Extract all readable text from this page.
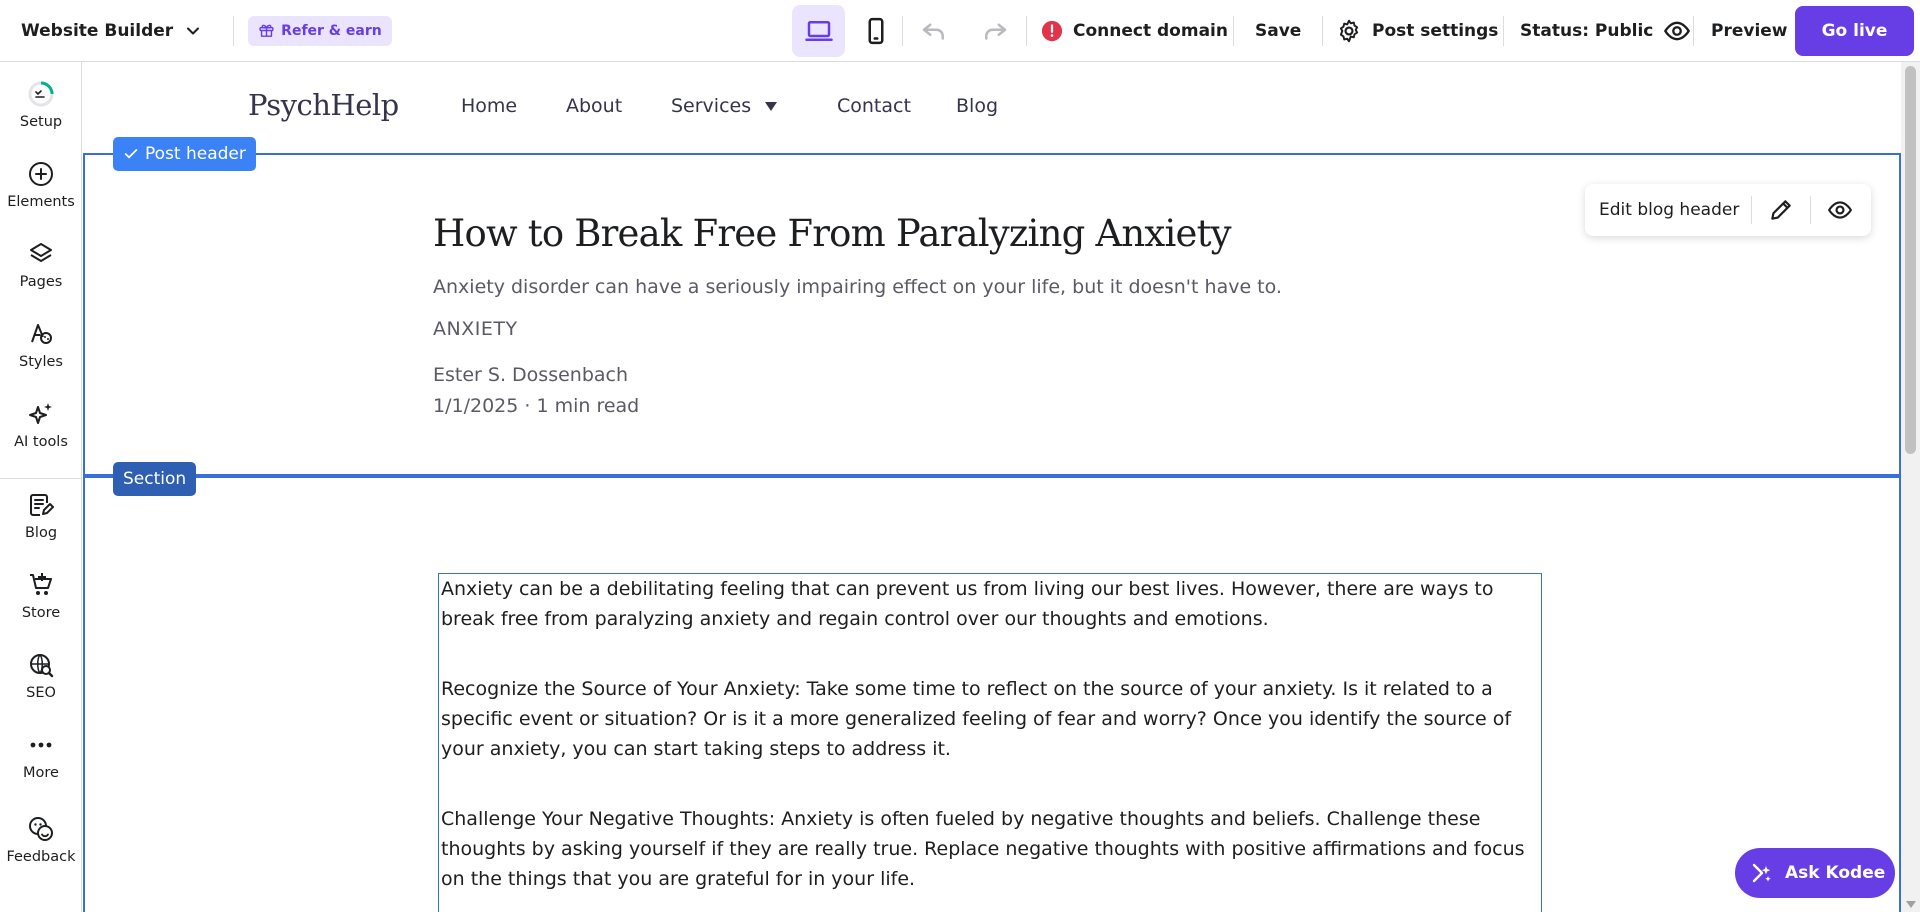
Website Builder	Refer & earn	Connect domain Save	Post settings Status: Public	Preview	Go live
Setup
Elements
Pages
Styles
AI tools
Blog
Store
SEO
More
Feedback
PsychHelp	Home	About	Services	Contact Blog
Post header
How to Break Free From Paralyzing Anxiety
Anxiety disorder can have a seriously impairing effect on your life, but it doesn't have to.
ANXIETY
Ester S. Dossenbach
1/1/2025 · 1 min read
Edit blog header
Section

Anxiety can be a debilitating feeling that can prevent us from living our best lives. However, there are ways to break free from paralyzing anxiety and regain control over our thoughts and emotions.

Recognize the Source of Your Anxiety: Take some time to reflect on the source of your anxiety. Is it related to a specific event or situation? Or is it a more generalized feeling of fear and worry? Once you identify the source of your anxiety, you can start taking steps to address it.

Challenge Your Negative Thoughts: Anxiety is often fueled by negative thoughts and beliefs. Challenge these thoughts by asking yourself if they are really true. Replace negative thoughts with positive affirmations and focus on the things that you are grateful for in your life.	Ask Kodee
